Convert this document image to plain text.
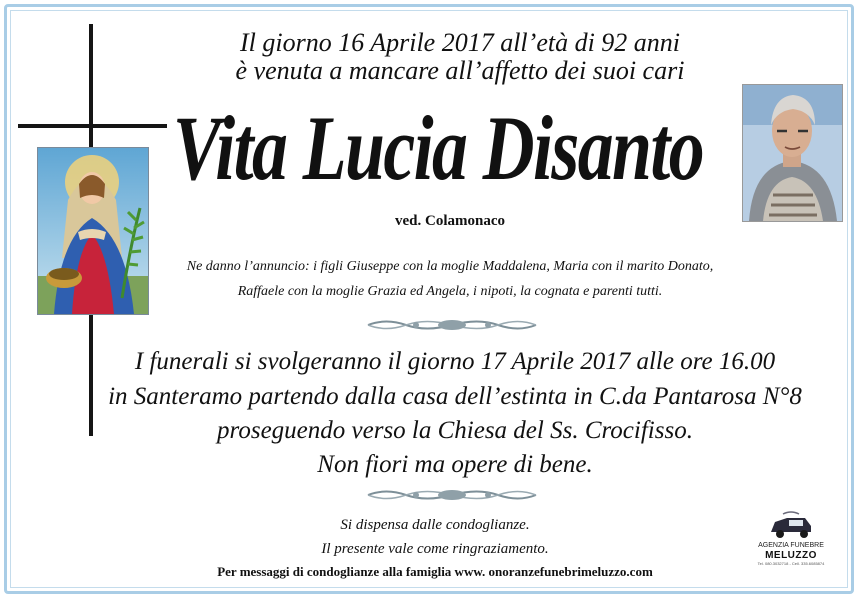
Il giorno 16 Aprile 2017 all’età di 92 anni

è venuta a mancare all’affetto dei suoi cari

Vita Lucia Disanto

ved. Colamonaco

Ne danno l’annuncio: i figli Giuseppe con la moglie Maddalena, Maria con il marito Donato,

Raffaele con la moglie Grazia ed Angela, i nipoti, la cognata e parenti tutti.

I funerali si svolgeranno il giorno 17 Aprile 2017 alle ore 16.00

in Santeramo partendo dalla casa dell’estinta in C.da Pantarosa N°8

proseguendo verso la Chiesa del Ss. Crocifisso.

Non fiori ma opere di bene.

Si dispensa dalle condoglianze.

Il presente vale come ringraziamento.

Per messaggi di condoglianze alla famiglia www. onoranzefunebrimeluzzo.com

AGENZIA FUNEBRE
MELUZZO
Tel. 080.3032718 - Cell. 335.6085874
